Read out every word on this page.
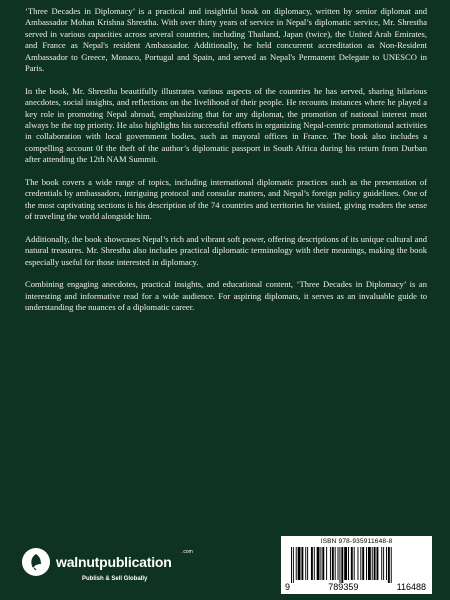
‘Three Decades in Diplomacy’ is a practical and insightful book on diplomacy, written by senior diplomat and Ambassador Mohan Krishna Shrestha. With over thirty years of service in Nepal’s diplomatic service, Mr. Shrestha served in various capacities across several countries, including Thailand, Japan (twice), the United Arab Emirates, and France as Nepal's resident Ambassador. Additionally, he held concurrent accreditation as Non-Resident Ambassador to Greece, Monaco, Portugal and Spain, and served as Nepal's Permanent Delegate to UNESCO in Paris.

In the book, Mr. Shrestha beautifully illustrates various aspects of the countries he has served, sharing hilarious anecdotes, social insights, and reflections on the livelihood of their people. He recounts instances where he played a key role in promoting Nepal abroad, emphasizing that for any diplomat, the promotion of national interest must always be the top priority. He also highlights his successful efforts in organizing Nepal-centric promotional activities in collaboration with local government bodies, such as mayoral offices in France. The book also includes a compelling account 0f the theft of the author’s diplomatic passport in South Africa during his return from Durban after attending the 12th NAM Summit.

The book covers a wide range of topics, including international diplomatic practices such as the presentation of credentials by ambassadors, intriguing protocol and consular matters, and Nepal’s foreign policy guidelines. One of the most captivating sections is his description of the 74 countries and territories he visited, giving readers the sense of traveling the world alongside him.

Additionally, the book showcases Nepal’s rich and vibrant soft power, offering descriptions of its unique cultural and natural treasures. Mr. Shrestha also includes practical diplomatic terminology with their meanings, making the book especially useful for those interested in diplomacy.

Combining engaging anecdotes, practical insights, and educational content, ‘Three Decades in Diplomacy’ is an interesting and informative read for a wide audience. For aspiring diplomats, it serves as an invaluable guide to understanding the nuances of a diplomatic career.

walnutpublication
.com
Publish & Sell Globally
ISBN 978-935911648-8
9	789359	116488
